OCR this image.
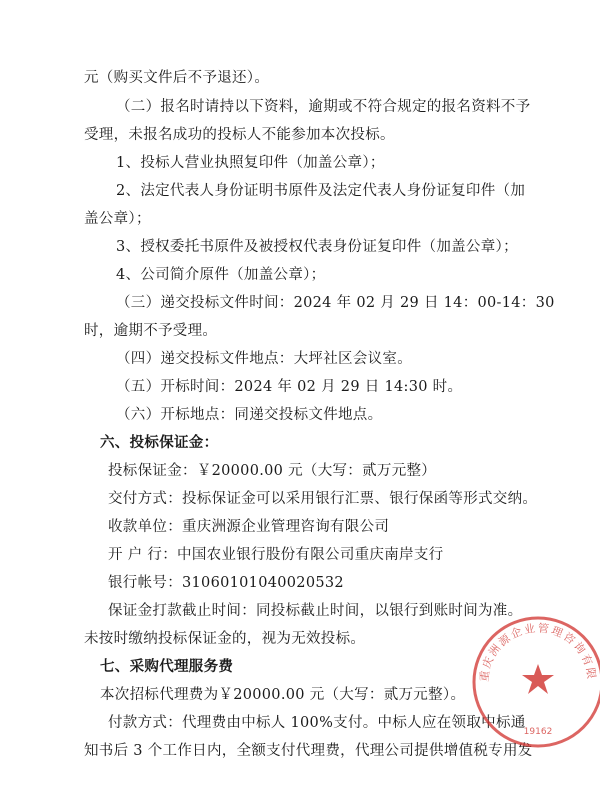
元（购买文件后不予退还）。
（二）报名时请持以下资料，逾期或不符合规定的报名资料不予
受理，未报名成功的投标人不能参加本次投标。
1、投标人营业执照复印件（加盖公章）；
2、法定代表人身份证明书原件及法定代表人身份证复印件（加
盖公章）；
3、授权委托书原件及被授权代表身份证复印件（加盖公章）；
4、公司简介原件（加盖公章）；
（三）递交投标文件时间：2024 年 02 月 29 日 14：00-14：30
时，逾期不予受理。
（四）递交投标文件地点：大坪社区会议室。
（五）开标时间：2024 年 02 月 29 日 14:30 时。
（六）开标地点：同递交投标文件地点。
六、投标保证金：
投标保证金：￥20000.00 元（大写：贰万元整）
交付方式：投标保证金可以采用银行汇票、银行保函等形式交纳。
收款单位：重庆洲源企业管理咨询有限公司
开 户 行：中国农业银行股份有限公司重庆南岸支行
银行帐号：31060101040020532
保证金打款截止时间：同投标截止时间，以银行到账时间为准。
未按时缴纳投标保证金的，视为无效投标。
七、采购代理服务费
本次招标代理费为￥20000.00 元（大写：贰万元整）。
付款方式：代理费由中标人 100%支付。中标人应在领取中标通
知书后 3 个工作日内，全额支付代理费，代理公司提供增值税专用发
重庆洲源企业管理咨询有限
19162
